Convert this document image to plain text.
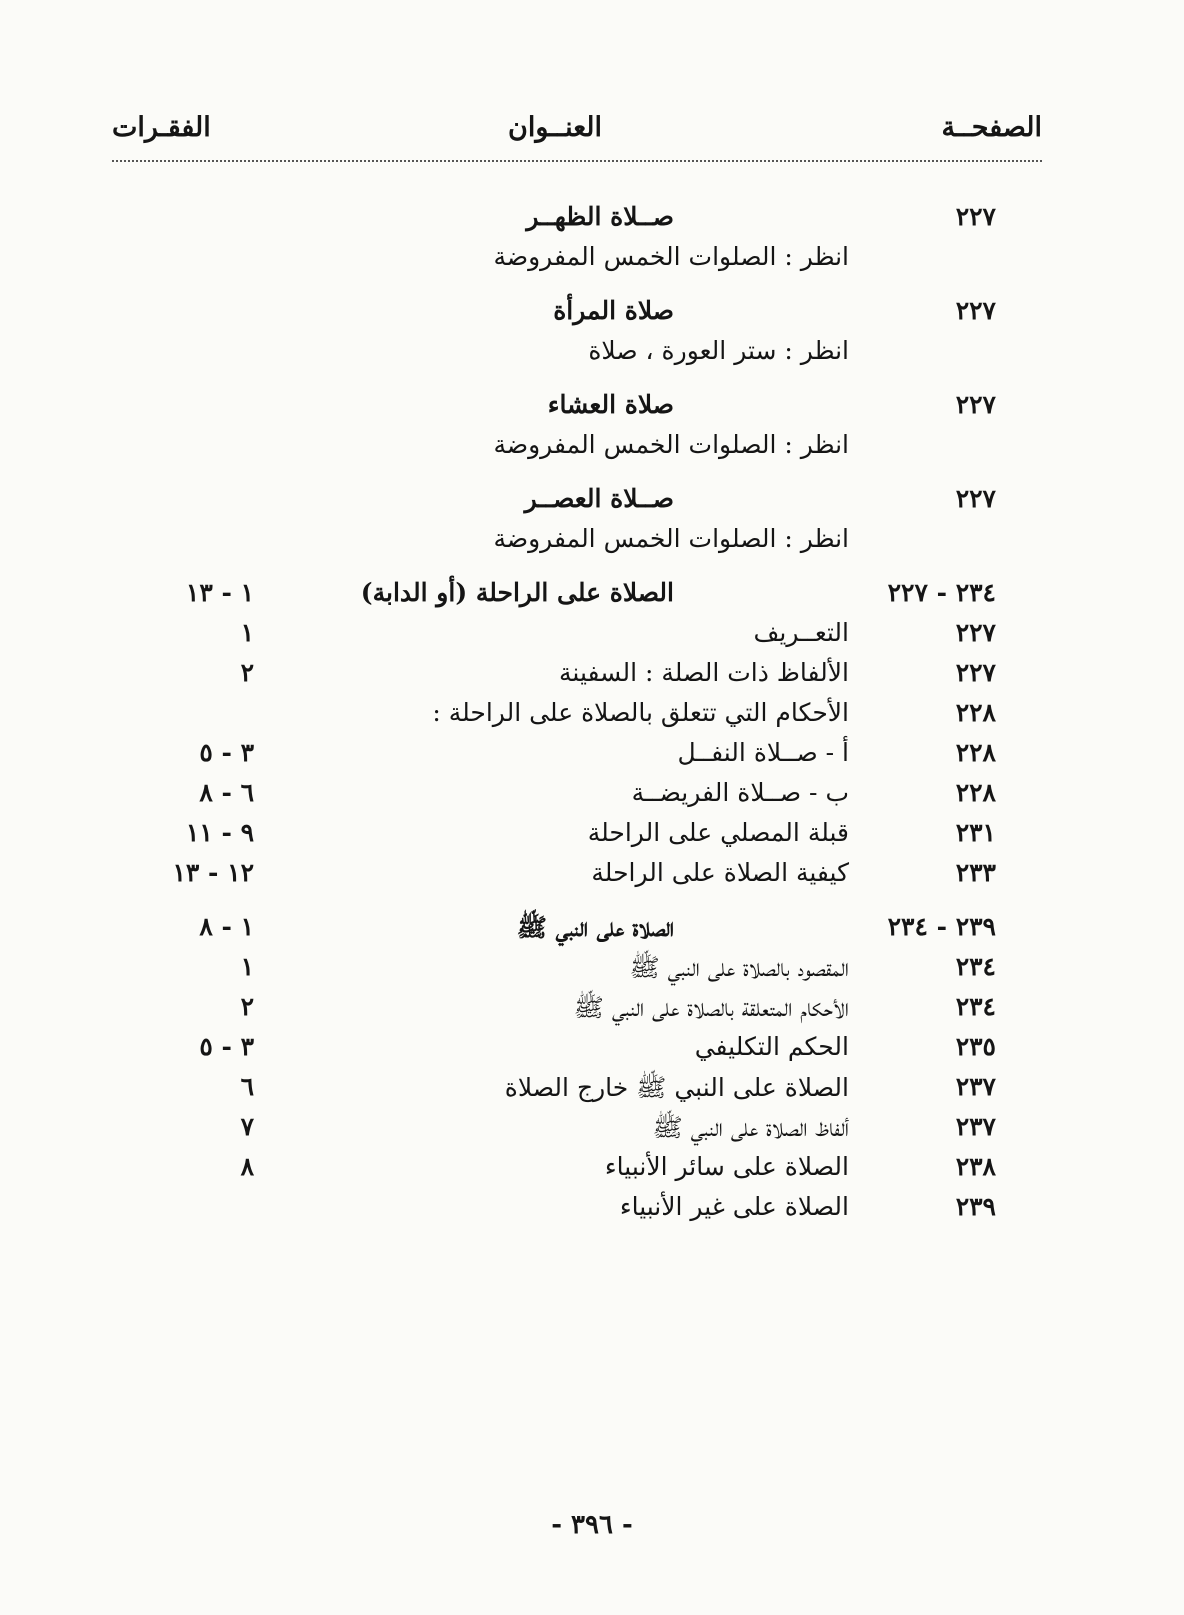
الصفحــة
العنــوان
الفقـرات
٢٢٧
صــلاة الظهــر
انظر : الصلوات الخمس المفروضة
٢٢٧
صلاة المرأة
انظر : ستر العورة ، صلاة
٢٢٧
صلاة العشاء
انظر : الصلوات الخمس المفروضة
٢٢٧
صــلاة العصــر
انظر : الصلوات الخمس المفروضة
٢٣٤ - ٢٢٧
الصلاة على الراحلة (أو الدابة)
١ - ١٣
٢٢٧
التعــريف
١
٢٢٧
الألفاظ ذات الصلة : السفينة
٢
٢٢٨
الأحكام التي تتعلق بالصلاة على الراحلة :
٢٢٨
أ - صــلاة النفــل
٣ - ٥
٢٢٨
ب - صــلاة الفريضــة
٦ - ٨
٢٣١
قبلة المصلي على الراحلة
٩ - ١١
٢٣٣
كيفية الصلاة على الراحلة
١٢ - ١٣
٢٣٩ - ٢٣٤
الصلاة على النبي ﷺ
١ - ٨
٢٣٤
المقصود بالصلاة على النبي ﷺ
١
٢٣٤
الأحكام المتعلقة بالصلاة على النبي ﷺ
٢
٢٣٥
الحكم التكليفي
٣ - ٥
٢٣٧
الصلاة على النبي ﷺ خارج الصلاة
٦
٢٣٧
ألفاظ الصلاة على النبي ﷺ
٧
٢٣٨
الصلاة على سائر الأنبياء
٨
٢٣٩
الصلاة على غير الأنبياء
- ٣٩٦ -
